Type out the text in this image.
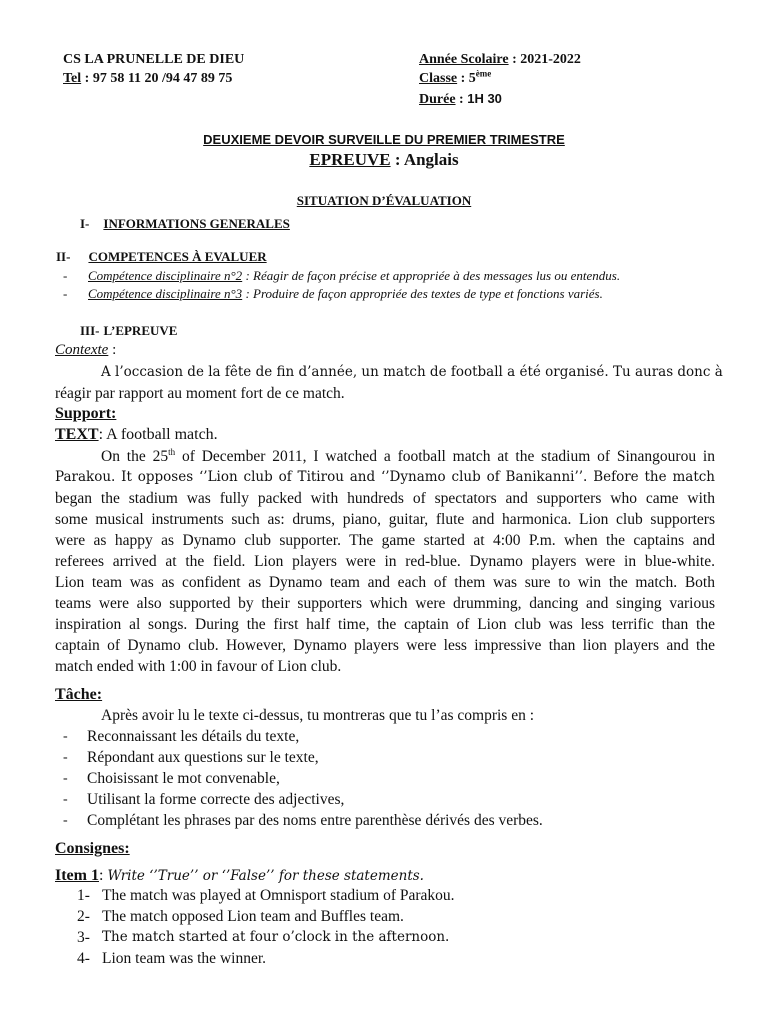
CS LA PRUNELLE DE DIEU
Tel : 97 58 11 20 /94 47 89 75
Année Scolaire : 2021-2022
Classe : 5ème
Durée : 1H 30
DEUXIEME DEVOIR SURVEILLE DU PREMIER TRIMESTRE
EPREUVE : Anglais
SITUATION D’ÉVALUATION
I- INFORMATIONS GENERALES
II- COMPETENCES À EVALUER
- Compétence disciplinaire n°2 : Réagir de façon précise et appropriée à des messages lus ou entendus.
- Compétence disciplinaire n°3 : Produire de façon appropriée des textes de type et fonctions variés.
III- L’EPREUVE
Contexte :
A l’occasion de la fête de fin d’année, un match de football a été organisé. Tu auras donc à
réagir par rapport au moment fort de ce match.
Support:
TEXT: A football match.
On the 25th of December 2011, I watched a football match at the stadium of Sinangourou in
Parakou. It opposes ‘’Lion club of Titirou and ‘’Dynamo club of Banikanni’’. Before the match
began the stadium was fully packed with hundreds of spectators and supporters who came with
some musical instruments such as: drums, piano, guitar, flute and harmonica. Lion club supporters
were as happy as Dynamo club supporter. The game started at 4:00 P.m. when the captains and
referees arrived at the field. Lion players were in red-blue. Dynamo players were in blue-white.
Lion team was as confident as Dynamo team and each of them was sure to win the match. Both
teams were also supported by their supporters which were drumming, dancing and singing various
inspiration al songs. During the first half time, the captain of Lion club was less terrific than the
captain of Dynamo club. However, Dynamo players were less impressive than lion players and the
match ended with 1:00 in favour of Lion club.
Tâche:
Après avoir lu le texte ci-dessus, tu montreras que tu l’as compris en :
- Reconnaissant les détails du texte,
- Répondant aux questions sur le texte,
- Choisissant le mot convenable,
- Utilisant la forme correcte des adjectives,
- Complétant les phrases par des noms entre parenthèse dérivés des verbes.
Consignes:
Item 1: Write ‘’True’’ or ‘’False’’ for these statements.
1- The match was played at Omnisport stadium of Parakou.
2- The match opposed Lion team and Buffles team.
3- The match started at four o’clock in the afternoon.
4- Lion team was the winner.
